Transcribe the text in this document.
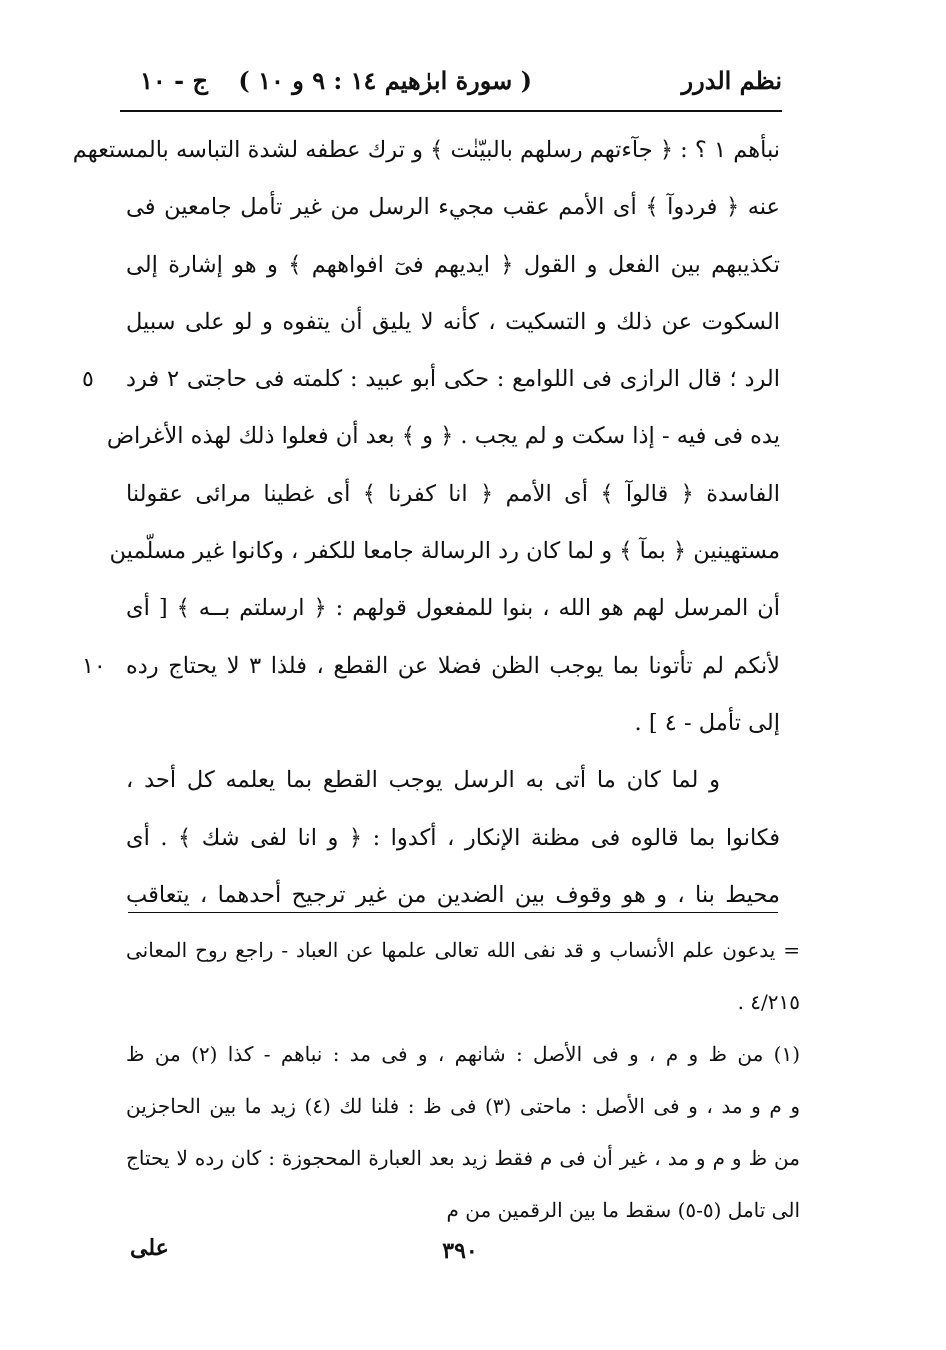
نظم الدرر
( سورة ابرٰهيم ١٤ : ٩ و ١٠ )
ج - ١٠
نبأهم ١ ؟ : ﴿ جآءتهم رسلهم بالبيّنٰت ﴾ و ترك عطفه لشدة التباسه بالمستعهم
عنه ﴿ فردوآ ﴾ أى الأمم عقب مجيء الرسل من غير تأمل جامعين فى
تكذيبهم بين الفعل و القول ﴿ ايديهم فىٓ افواههم ﴾ و هو إشارة إلى
السكوت عن ذلك و التسكيت ، كأنه لا يليق أن يتفوه و لو على سبيل
الرد ؛ قال الرازى فى اللوامع : حكى أبو عبيد : كلمته فى حاجتى ٢ فرد
٥
يده فى فيه - إذا سكت و لم يجب . ﴿ و ﴾ بعد أن فعلوا ذلك لهذه الأغراض
الفاسدة ﴿ قالوآ ﴾ أى الأمم ﴿ انا كفرنا ﴾ أى غطينا مرائى عقولنا
مستهينين ﴿ بمآ ﴾ و لما كان رد الرسالة جامعا للكفر ، وكانوا غير مسلّمين
أن المرسل لهم هو الله ، بنوا للمفعول قولهم : ﴿ ارسلتم بــه ﴾ [ أى
لأنكم لم تأتونا بما يوجب الظن فضلا عن القطع ، فلذا ٣ لا يحتاج رده
١٠
إلى تأمل - ٤ ] .
و لما كان ما أتى به الرسل يوجب القطع بما يعلمه كل أحد ،
فكانوا بما قالوه فى مظنة الإنكار ، أكدوا : ﴿ و انا لفى شك ﴾ . أى
محيط بنا ، و هو وقوف بين الضدين من غير ترجيح أحدهما ، يتعاقب
= يدعون علم الأنساب و قد نفى الله تعالى علمها عن العباد - راجع روح المعانى
٤/٢١٥ .
(١) من ظ و م ، و فى الأصل : شانهم ، و فى مد : نباهم - كذا (٢) من ظ
و م و مد ، و فى الأصل : ماحتى (٣) فى ظ : فلنا لك (٤) زيد ما بين الحاجزين
من ظ و م و مد ، غير أن فى م فقط زيد بعد العبارة المحجوزة : كان رده لا يحتاج
الى تامل (٥-٥) سقط ما بين الرقمين من م
٣٩٠
على
